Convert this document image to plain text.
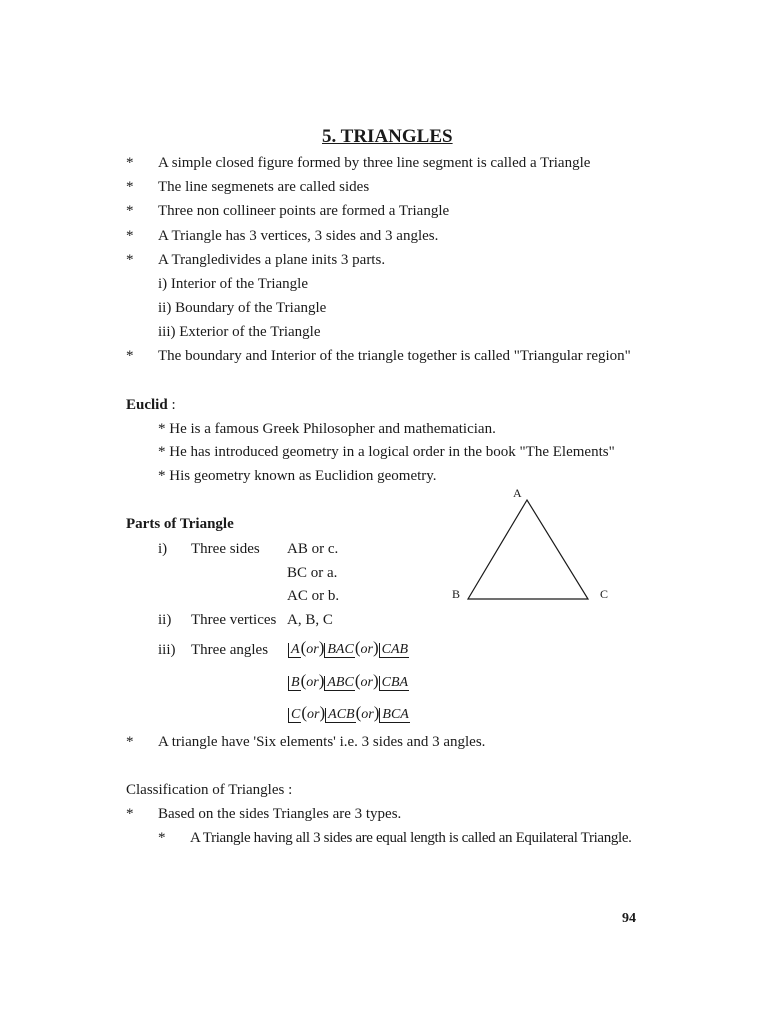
5. TRIANGLES
*	A simple closed figure formed by three line segment is called a Triangle
*	The line segmenets are called sides
*	Three non collineer points are formed a Triangle
*	A Triangle has 3 vertices, 3 sides and 3 angles.
*	A Trangledivides a plane inits 3 parts.
i) Interior of the Triangle
ii) Boundary of the Triangle
iii) Exterior of the Triangle
*	The boundary and Interior of the triangle together is called "Triangular region"
Euclid :
* He is a famous Greek Philosopher and mathematician.
* He has introduced geometry in a logical order in the book "The Elements"
* His geometry known as Euclidion geometry.
A
B	C
Parts of Triangle
i) Three sides AB or c.
BC or a.
AC or b.
ii) Three vertices A, B, C
iii) Three angles A(or) BAC(or) CAB
B(or) ABC(or) CBA
C(or) ACB(or) BCA
*	A triangle have 'Six elements' i.e. 3 sides and 3 angles.
Classification of Triangles :
*	Based on the sides Triangles are 3 types.
*	A Triangle having all 3 sides are equal length is called an Equilateral Triangle.
94
